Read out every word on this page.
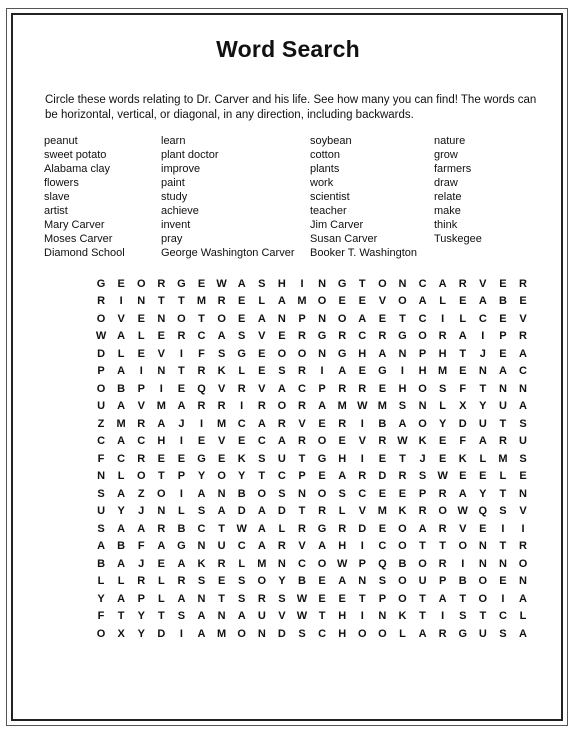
Word Search
Circle these words relating to Dr. Carver and his life. See how many you can find! The words can be horizontal, vertical, or diagonal, in any direction, including backwards.
peanut
sweet potato
Alabama clay
flowers
slave
artist
Mary Carver
Moses Carver
Diamond School
learn
plant doctor
improve
paint
study
achieve
invent
pray
George Washington Carver
soybean
cotton
plants
work
scientist
teacher
Jim Carver
Susan Carver
Booker T. Washington
nature
grow
farmers
draw
relate
make
think
Tuskegee
G	E	O	R	G	E	W	A	S	H	I	N	G	T	O	N	C	A	R	V	E	R
R	I	N	T	T	M	R	E	L	A	M	O	E	E	V	O	A	L	E	A	B	E
O	V	E	N	O	T	O	E	A	N	P	N	O	A	E	T	C	I	L	C	E	V
W	A	L	E	R	C	A	S	V	E	R	G	R	C	R	G	O	R	A	I	P	R
D	L	E	V	I	F	S	G	E	O	O	N	G	H	A	N	P	H	T	J	E	A
P	A	I	N	T	R	K	L	E	S	R	I	A	E	G	I	H	M	E	N	A	C
O	B	P	I	E	Q	V	R	V	A	C	P	R	R	E	H	O	S	F	T	N	N
U	A	V	M	A	R	R	I	R	O	R	A	M	W	M	S	N	L	X	Y	U	A
Z	M	R	A	J	I	M	C	A	R	V	E	R	I	B	A	O	Y	D	U	T	S
C	A	C	H	I	E	V	E	C	A	R	O	E	V	R	W	K	E	F	A	R	U
F	C	R	E	E	G	E	K	S	U	T	G	H	I	E	T	J	E	K	L	M	S
N	L	O	T	P	Y	O	Y	T	C	P	E	A	R	D	R	S	W	E	E	L	E
S	A	Z	O	I	A	N	B	O	S	N	O	S	C	E	E	P	R	A	Y	T	N
U	Y	J	N	L	S	A	D	A	D	T	R	L	V	M	K	R	O	W	Q	S	V
S	A	A	R	B	C	T	W	A	L	R	G	R	D	E	O	A	R	V	E	I	I
A	B	F	A	G	N	U	C	A	R	V	A	H	I	C	O	T	T	O	N	T	R
B	A	J	E	A	K	R	L	M	N	C	O	W	P	Q	B	O	R	I	N	N	O
L	L	R	L	R	S	E	S	O	Y	B	E	A	N	S	O	U	P	B	O	E	N
Y	A	P	L	A	N	T	S	R	S	W	E	E	T	P	O	T	A	T	O	I	A
F	T	Y	T	S	A	N	A	U	V	W	T	H	I	N	K	T	I	S	T	C	L
O	X	Y	D	I	A	M	O	N	D	S	C	H	O	O	L	A	R	G	U	S	A
